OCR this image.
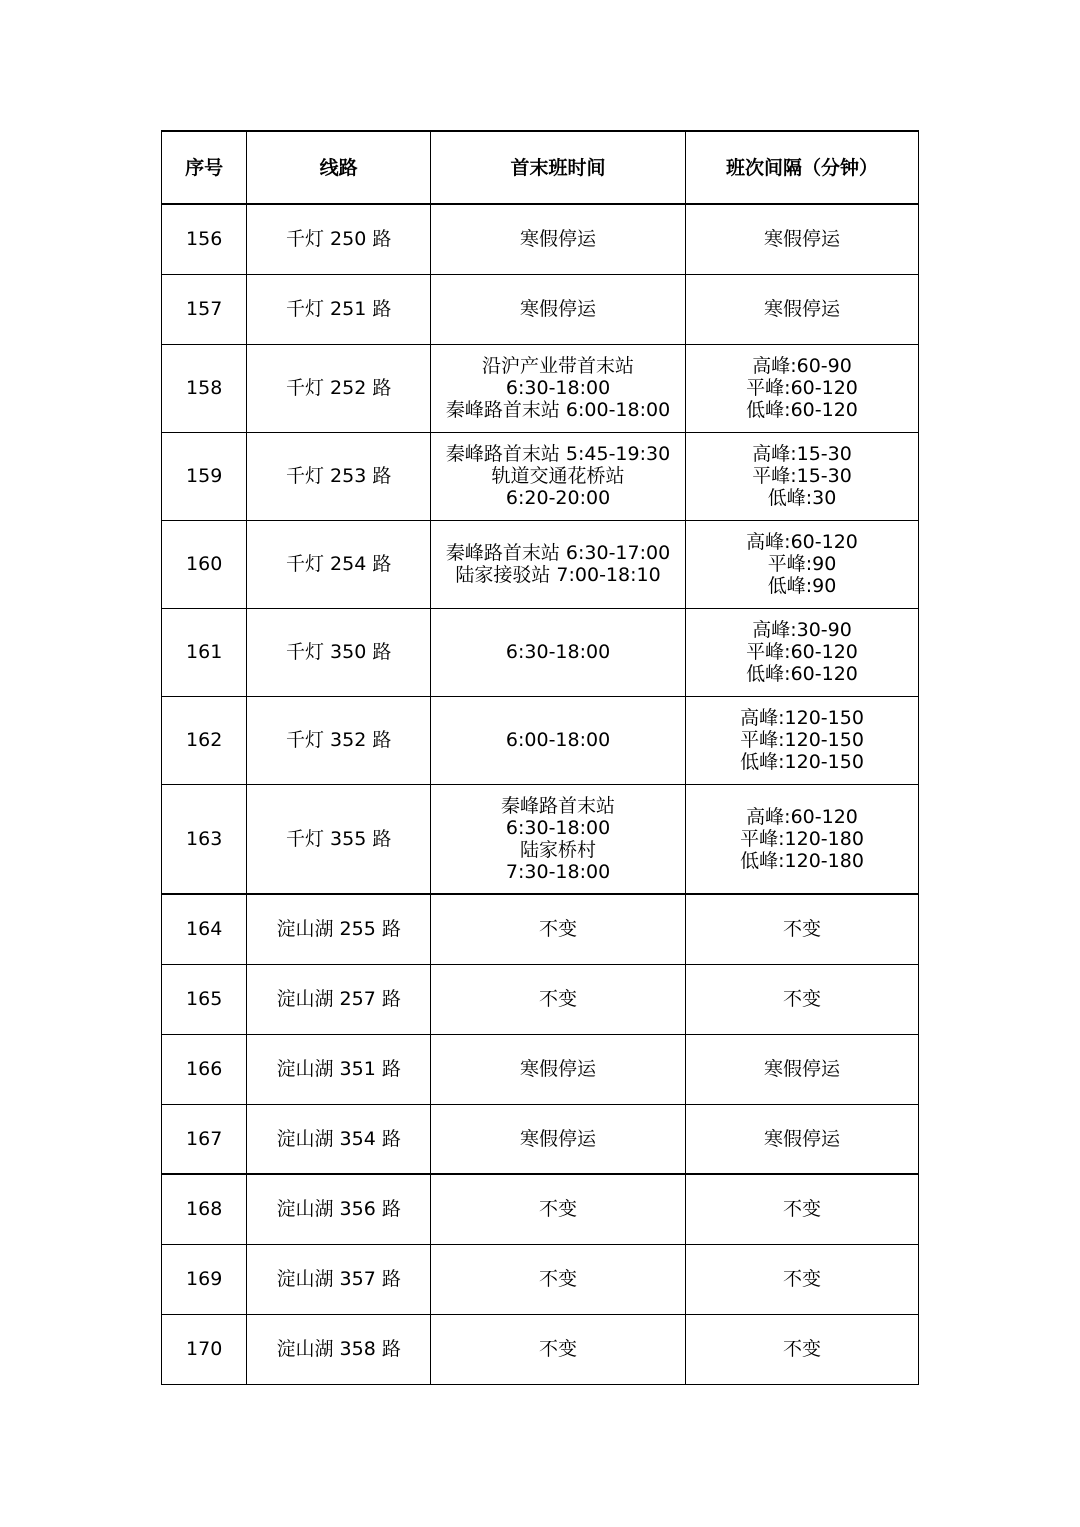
序号	线路	首末班时间	班次间隔（分钟）
156	千灯 250 路	寒假停运	寒假停运

157	千灯 251 路	寒假停运	寒假停运

158	千灯 252 路	沿沪产业带首末站
6:30-18:00
秦峰路首末站 6:00-18:00	高峰:60-90
平峰:60-120
低峰:60-120

159	千灯 253 路	秦峰路首末站 5:45-19:30
轨道交通花桥站
6:20-20:00	高峰:15-30
平峰:15-30
低峰:30

160	千灯 254 路	秦峰路首末站 6:30-17:00
陆家接驳站 7:00-18:10	高峰:60-120
平峰:90
低峰:90

161	千灯 350 路	6:30-18:00	高峰:30-90
平峰:60-120
低峰:60-120

162	千灯 352 路	6:00-18:00	高峰:120-150
平峰:120-150
低峰:120-150

163	千灯 355 路	秦峰路首末站
6:30-18:00
陆家桥村
7:30-18:00	高峰:60-120
平峰:120-180
低峰:120-180

164	淀山湖 255 路	不变	不变

165	淀山湖 257 路	不变	不变

166	淀山湖 351 路	寒假停运	寒假停运

167	淀山湖 354 路	寒假停运	寒假停运

168	淀山湖 356 路	不变	不变

169	淀山湖 357 路	不变	不变

170	淀山湖 358 路	不变	不变
